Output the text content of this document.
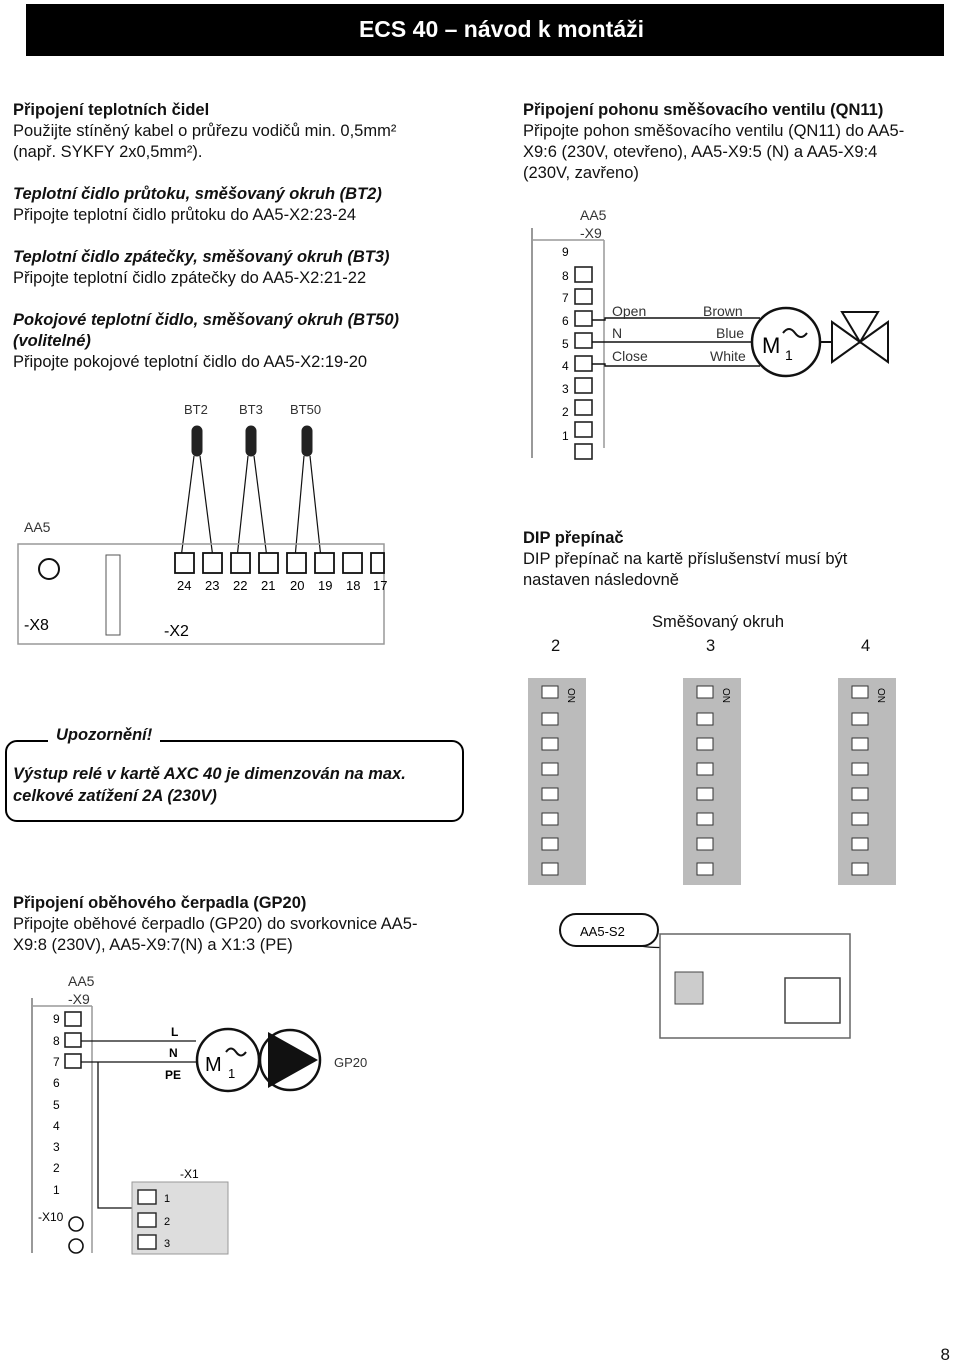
ECS 40 – návod k montáži
Připojení teplotních čidel
Použijte stíněný kabel o průřezu vodičů min. 0,5mm²
(např. SYKFY 2x0,5mm²).
Teplotní čidlo průtoku, směšovaný okruh (BT2)
Připojte teplotní čidlo průtoku do AA5-X2:23-24
Teplotní čidlo zpátečky, směšovaný okruh (BT3)
Připojte teplotní čidlo zpátečky do AA5-X2:21-22
Pokojové teplotní čidlo, směšovaný okruh (BT50)
(volitelné)
Připojte pokojové teplotní čidlo do AA5-X2:19-20
Připojení pohonu směšovacího ventilu (QN11)
Připojte pohon směšovacího ventilu (QN11) do AA5-
X9:6 (230V, otevřeno), AA5-X9:5 (N) a AA5-X9:4
(230V, zavřeno)
AA5
-X9
9
8
7
6
5
4
3
2
1
Open
N
Close
Brown
Blue
White M 1
BT2 BT3 BT50
AA5
24 23 22 21 20 19 18 17
-X8	-X2
DIP přepínač
DIP přepínač na kartě příslušenství musí být
nastaven následovně
Směšovaný okruh
2	3	4
ON	ON	ON
Upozornění!
Výstup relé v kartě AXC 40 je dimenzován na max.
celkové zatížení 2A (230V)
Připojení oběhového čerpadla (GP20)
Připojte oběhové čerpadlo (GP20) do svorkovnice AA5-
X9:8 (230V), AA5-X9:7(N) a X1:3 (PE)
AA5
-X9
9
8
7
6
5
4
3
2
1
L
N
PE M 1
GP20
-X10
-X1
1
2
3
AA5-S2
8
